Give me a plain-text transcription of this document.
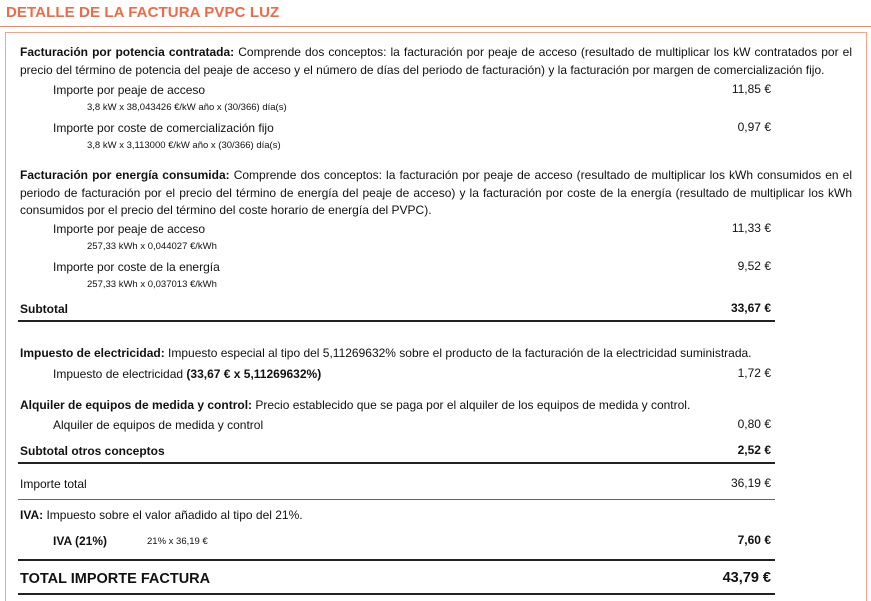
DETALLE DE LA FACTURA PVPC LUZ
Facturación por potencia contratada: Comprende dos conceptos: la facturación por peaje de acceso (resultado de multiplicar los kW contratados por el precio del término de potencia del peaje de acceso y el número de días del periodo de facturación) y la facturación por margen de comercialización fijo.
Importe por peaje de acceso	11,85 €
3,8 kW x 38,043426 €/kW año x (30/366) día(s)
Importe por coste de comercialización fijo	0,97 €
3,8 kW x 3,113000 €/kW año x (30/366) día(s)
Facturación por energía consumida: Comprende dos conceptos: la facturación por peaje de acceso (resultado de multiplicar los kWh consumidos en el periodo de facturación por el precio del término de energía del peaje de acceso) y la facturación por coste de la energía (resultado de multiplicar los kWh consumidos por el precio del término del coste horario de energía del PVPC).
Importe por peaje de acceso	11,33 €
257,33 kWh x 0,044027 €/kWh
Importe por coste de la energía	9,52 €
257,33 kWh x 0,037013 €/kWh
Subtotal	33,67 €
Impuesto de electricidad: Impuesto especial al tipo del 5,11269632% sobre el producto de la facturación de la electricidad suministrada.
Impuesto de electricidad (33,67 € x 5,11269632%)	1,72 €
Alquiler de equipos de medida y control: Precio establecido que se paga por el alquiler de los equipos de medida y control.
Alquiler de equipos de medida y control	0,80 €
Subtotal otros conceptos	2,52 €
Importe total	36,19 €
IVA: Impuesto sobre el valor añadido al tipo del 21%.
IVA (21%)	21% x 36,19 €	7,60 €
TOTAL IMPORTE FACTURA	43,79 €
